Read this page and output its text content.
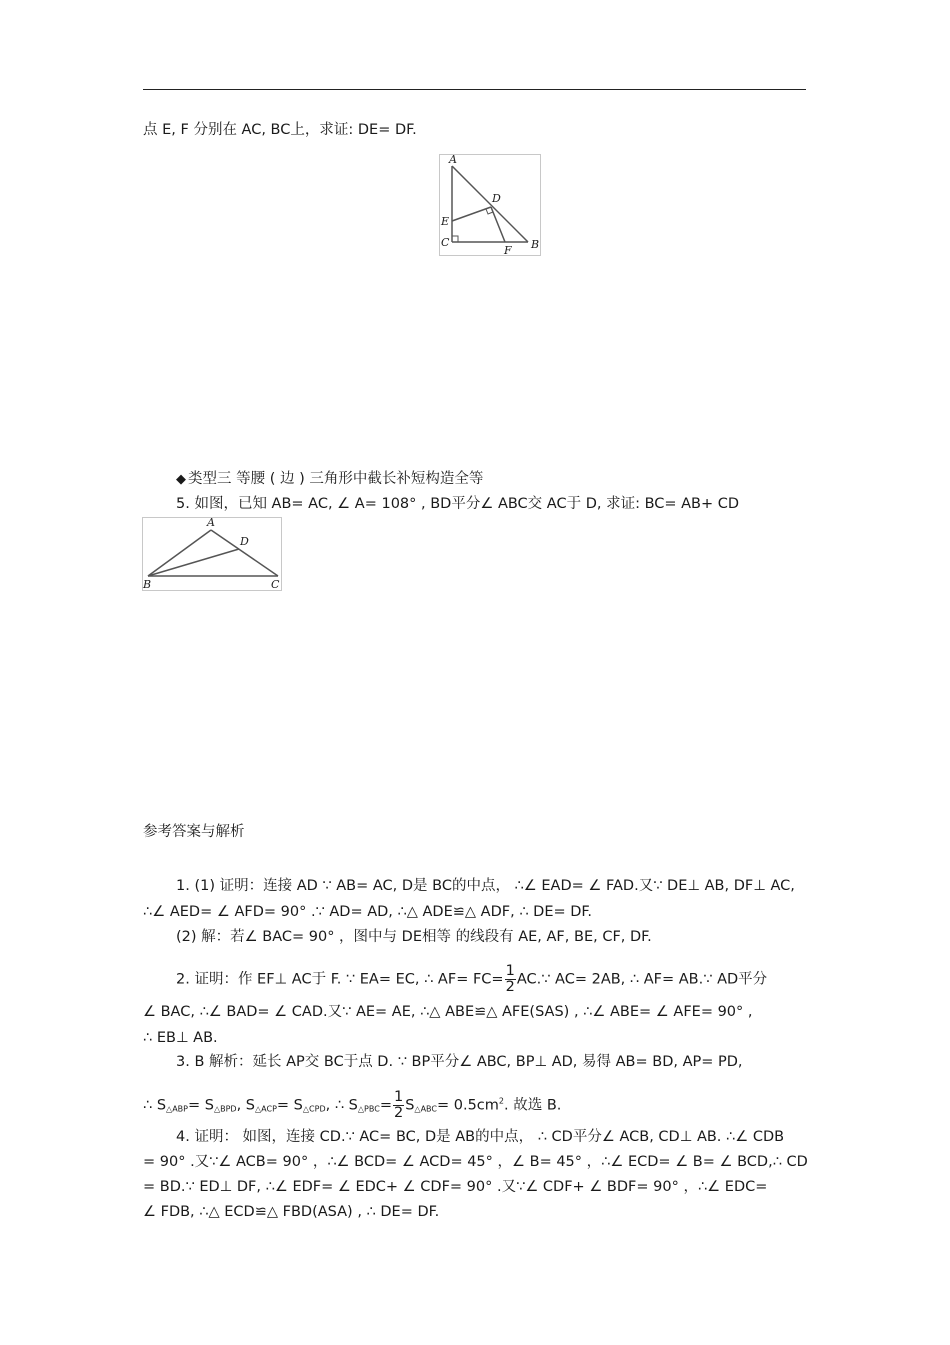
点 E, F 分别在 AC, BC上，求证: DE= DF.
A
D
E
C
F B
◆ 类型三 等腰 ( 边 ) 三角形中截长补短构造全等
5. 如图，已知 AB= AC, ∠ A= 108° , BD平分∠ ABC交 AC于 D, 求证: BC= AB+ CD
A
D
B	C
参考答案与解析
1. (1) 证明：连接 AD ∵ AB= AC, D是 BC的中点， ∴∠ EAD= ∠ FAD.又∵ DE⊥ AB, DF⊥ AC,
∴∠ AED= ∠ AFD= 90° .∵ AD= AD, ∴△ ADE≌△ ADF, ∴ DE= DF.
(2) 解：若∠ BAC= 90° ，图中与 DE相等 的线段有 AE, AF, BE, CF, DF.
2. 证明：作 EF⊥ AC于 F. ∵ EA= EC, ∴ $AF= FC= \frac{1}{2}$ AC.∵ AC= 2AB, ∴ AF= AB.∵ AD平分
∠ BAC, ∴∠ BAD= ∠ CAD.又∵ AE= AE, ∴△ ABE≌△ AFE(SAS) , ∴∠ ABE= ∠ AFE= 90° ,
∴ EB⊥ AB.
3. B 解析：延长 AP交 BC于点 D. ∵ BP平分∠ ABC, BP⊥ AD, 易得 AB= BD, AP= PD,
∴ $S_{\triangle ABP}= S_{\triangle BPD}$, $S_{\triangle ACP}= S_{\triangle CPD}$, ∴ $S_{\triangle PBC}= \frac{1}{2} S_{\triangle ABC}= 0.5cm^2$. 故选 B.
4. 证明： 如图，连接 CD.∵ AC= BC, D是 AB的中点， ∴ CD平分∠ ACB, CD⊥ AB. ∴∠ CDB
= 90° .又∵∠ ACB= 90° ，∴∠ BCD= ∠ ACD= 45° ，∠ B= 45° ，∴∠ ECD= ∠ B= ∠ BCD,∴ CD
= BD.∵ ED⊥ DF, ∴∠ EDF= ∠ EDC+ ∠ CDF= 90° .又∵∠ CDF+ ∠ BDF= 90° ，∴∠ EDC=
∠ FDB, ∴△ ECD≌△ FBD(ASA) , ∴ DE= DF.
